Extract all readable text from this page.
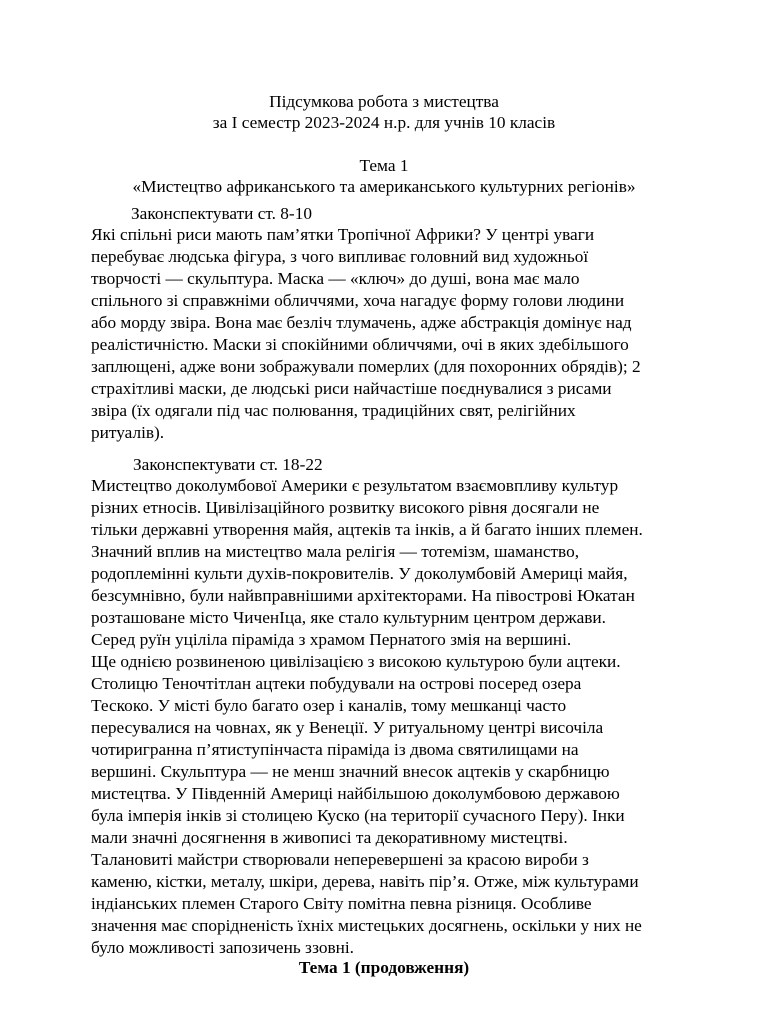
Підсумкова робота з мистецтва
за І семестр 2023-2024 н.р. для учнів 10 класів
Тема 1
«Мистецтво африканського та американського культурних регіонів»
Законспектувати ст. 8-10
Які спільні риси мають пам’ятки Тропічної Африки? У центрі уваги
перебуває людська фігура, з чого випливає головний вид художньої
творчості — скульптура. Маска — «ключ» до душі, вона має мало
спільного зі справжніми обличчями, хоча нагадує форму голови людини
або морду звіра. Вона має безліч тлумачень, адже абстракція домінує над
реалістичністю. Маски зі спокійними обличчями, очі в яких здебільшого
заплющені, адже вони зображували померлих (для похоронних обрядів); 2
страхітливі маски, де людські риси найчастіше поєднувалися з рисами
звіра (їх одягали під час полювання, традиційних свят, релігійних
ритуалів).
Законспектувати ст. 18-22
Мистецтво доколумбової Америки є результатом взаємовпливу культур
різних етносів. Цивілізаційного розвитку високого рівня досягали не
тільки державні утворення майя, ацтеків та інків, а й багато інших племен.
Значний вплив на мистецтво мала релігія — тотемізм, шаманство,
родоплемінні культи духів-покровителів. У доколумбовій Америці майя,
безсумнівно, були найвправнішими архітекторами. На півострові Юкатан
розташоване місто ЧиченІца, яке стало культурним центром держави.
Серед руїн уціліла піраміда з храмом Пернатого змія на вершині.
Ще однією розвиненою цивілізацією з високою культурою були ацтеки.
Столицю Теночтітлан ацтеки побудували на острові посеред озера
Тескоко. У місті було багато озер і каналів, тому мешканці часто
пересувалися на човнах, як у Венеції. У ритуальному центрі височіла
чотиригранна п’ятиступінчаста піраміда із двома святилищами на
вершині. Скульптура — не менш значний внесок ацтеків у скарбницю
мистецтва. У Південній Америці найбільшою доколумбовою державою
була імперія інків зі столицею Куско (на території сучасного Перу). Інки
мали значні досягнення в живописі та декоративному мистецтві.
Талановиті майстри створювали неперевершені за красою вироби з
каменю, кістки, металу, шкіри, дерева, навіть пір’я. Отже, між культурами
індіанських племен Старого Світу помітна певна різниця. Особливе
значення має спорідненість їхніх мистецьких досягнень, оскільки у них не
було можливості запозичень ззовні.
Тема 1 (продовження)
